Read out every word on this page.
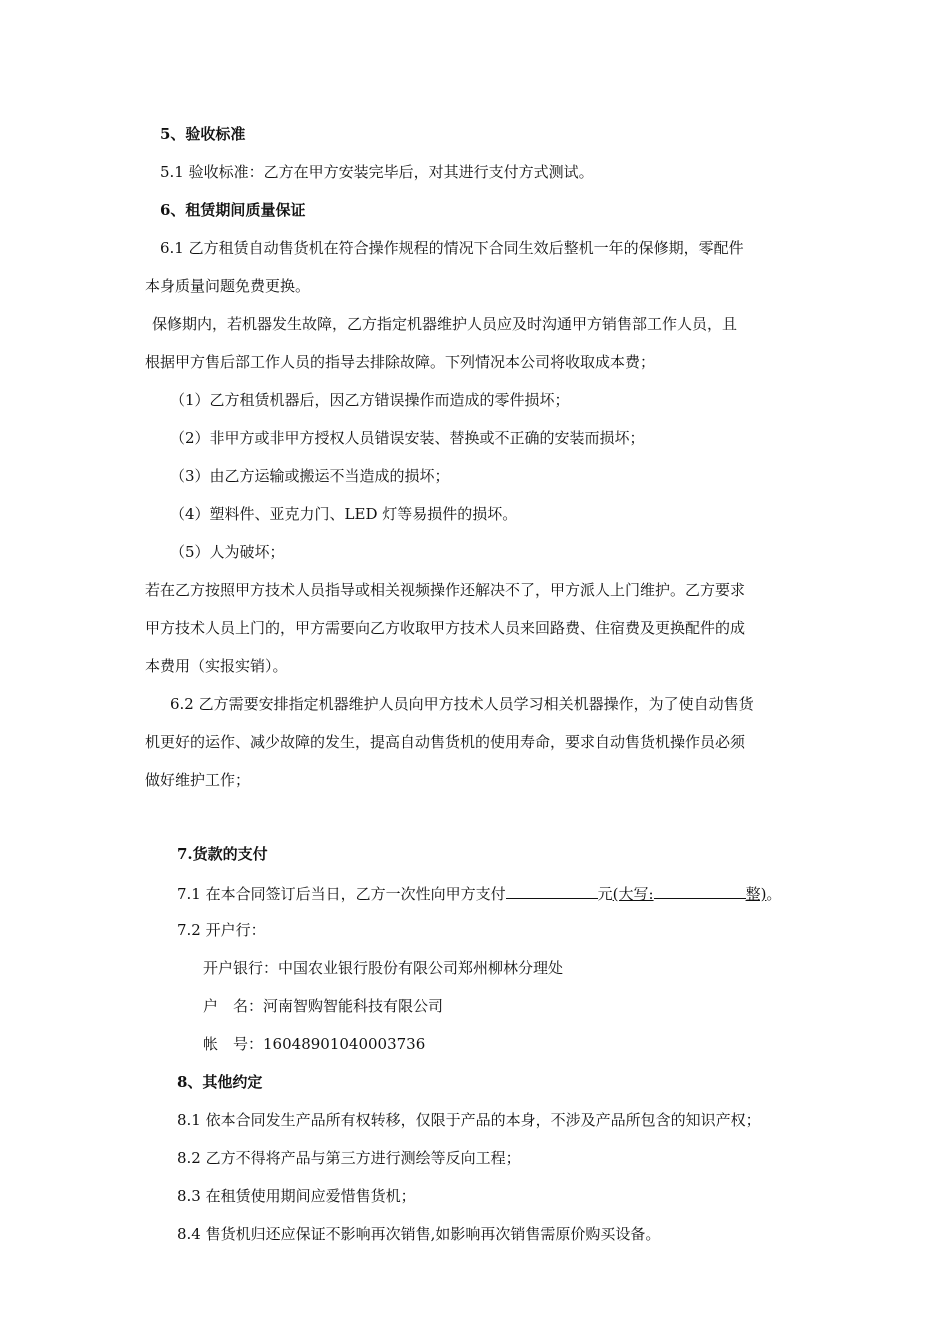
5、验收标准
5.1 验收标准：乙方在甲方安装完毕后，对其进行支付方式测试。
6、租赁期间质量保证
6.1 乙方租赁自动售货机在符合操作规程的情况下合同生效后整机一年的保修期，零配件
本身质量问题免费更换。
保修期内，若机器发生故障，乙方指定机器维护人员应及时沟通甲方销售部工作人员，且
根据甲方售后部工作人员的指导去排除故障。下列情况本公司将收取成本费；
（1）乙方租赁机器后，因乙方错误操作而造成的零件损坏；
（2）非甲方或非甲方授权人员错误安装、替换或不正确的安装而损坏；
（3）由乙方运输或搬运不当造成的损坏；
（4）塑料件、亚克力门、LED 灯等易损件的损坏。
（5）人为破坏；
若在乙方按照甲方技术人员指导或相关视频操作还解决不了，甲方派人上门维护。乙方要求
甲方技术人员上门的，甲方需要向乙方收取甲方技术人员来回路费、住宿费及更换配件的成
本费用（实报实销）。
6.2 乙方需要安排指定机器维护人员向甲方技术人员学习相关机器操作，为了使自动售货
机更好的运作、减少故障的发生，提高自动售货机的使用寿命，要求自动售货机操作员必须
做好维护工作；
7.货款的支付
7.1 在本合同签订后当日，乙方一次性向甲方支付	元(大写:	整)。
7.2 开户行：
开户银行：中国农业银行股份有限公司郑州柳林分理处
户 名：河南智购智能科技有限公司
帐 号：16048901040003736
8、其他约定
8.1 依本合同发生产品所有权转移，仅限于产品的本身，不涉及产品所包含的知识产权；
8.2 乙方不得将产品与第三方进行测绘等反向工程；
8.3 在租赁使用期间应爱惜售货机；
8.4 售货机归还应保证不影响再次销售,如影响再次销售需原价购买设备。
